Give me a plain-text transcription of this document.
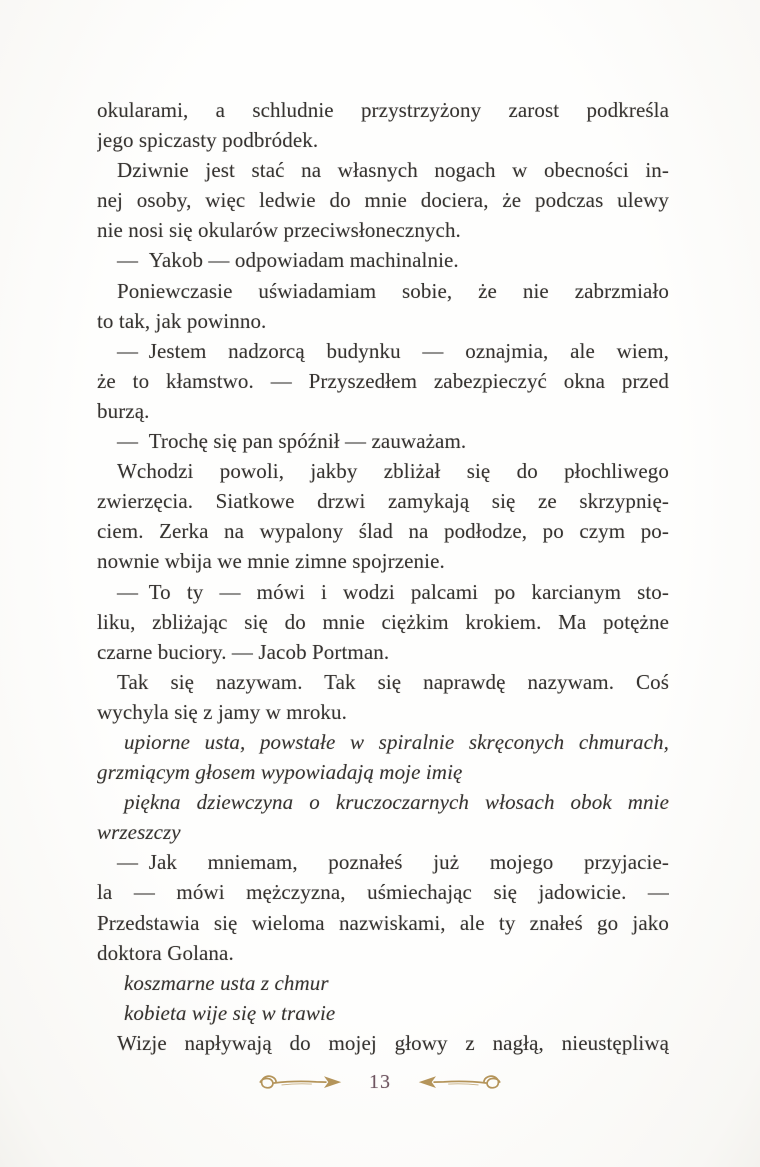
okularami, a schludnie przystrzyżony zarost podkreśla
jego spiczasty podbródek.
Dziwnie jest stać na własnych nogach w obecności in-
nej osoby, więc ledwie do mnie dociera, że podczas ulewy
nie nosi się okularów przeciwsłonecznych.
— Yakob — odpowiadam machinalnie.
Poniewczasie uświadamiam sobie, że nie zabrzmiało
to tak, jak powinno.
— Jestem nadzorcą budynku — oznajmia, ale wiem,
że to kłamstwo. — Przyszedłem zabezpieczyć okna przed
burzą.
— Trochę się pan spóźnił — zauważam.
Wchodzi powoli, jakby zbliżał się do płochliwego
zwierzęcia. Siatkowe drzwi zamykają się ze skrzypnię-
ciem. Zerka na wypalony ślad na podłodze, po czym po-
nownie wbija we mnie zimne spojrzenie.
— To ty — mówi i wodzi palcami po karcianym sto-
liku, zbliżając się do mnie ciężkim krokiem. Ma potężne
czarne buciory. — Jacob Portman.
Tak się nazywam. Tak się naprawdę nazywam. Coś
wychyla się z jamy w mroku.
upiorne usta, powstałe w spiralnie skręconych chmurach,
grzmiącym głosem wypowiadają moje imię
piękna dziewczyna o kruczoczarnych włosach obok mnie
wrzeszczy
— Jak mniemam, poznałeś już mojego przyjacie-
la — mówi mężczyzna, uśmiechając się jadowicie. —
Przedstawia się wieloma nazwiskami, ale ty znałeś go jako
doktora Golana.
koszmarne usta z chmur
kobieta wije się w trawie
Wizje napływają do mojej głowy z nagłą, nieustępliwą
13
